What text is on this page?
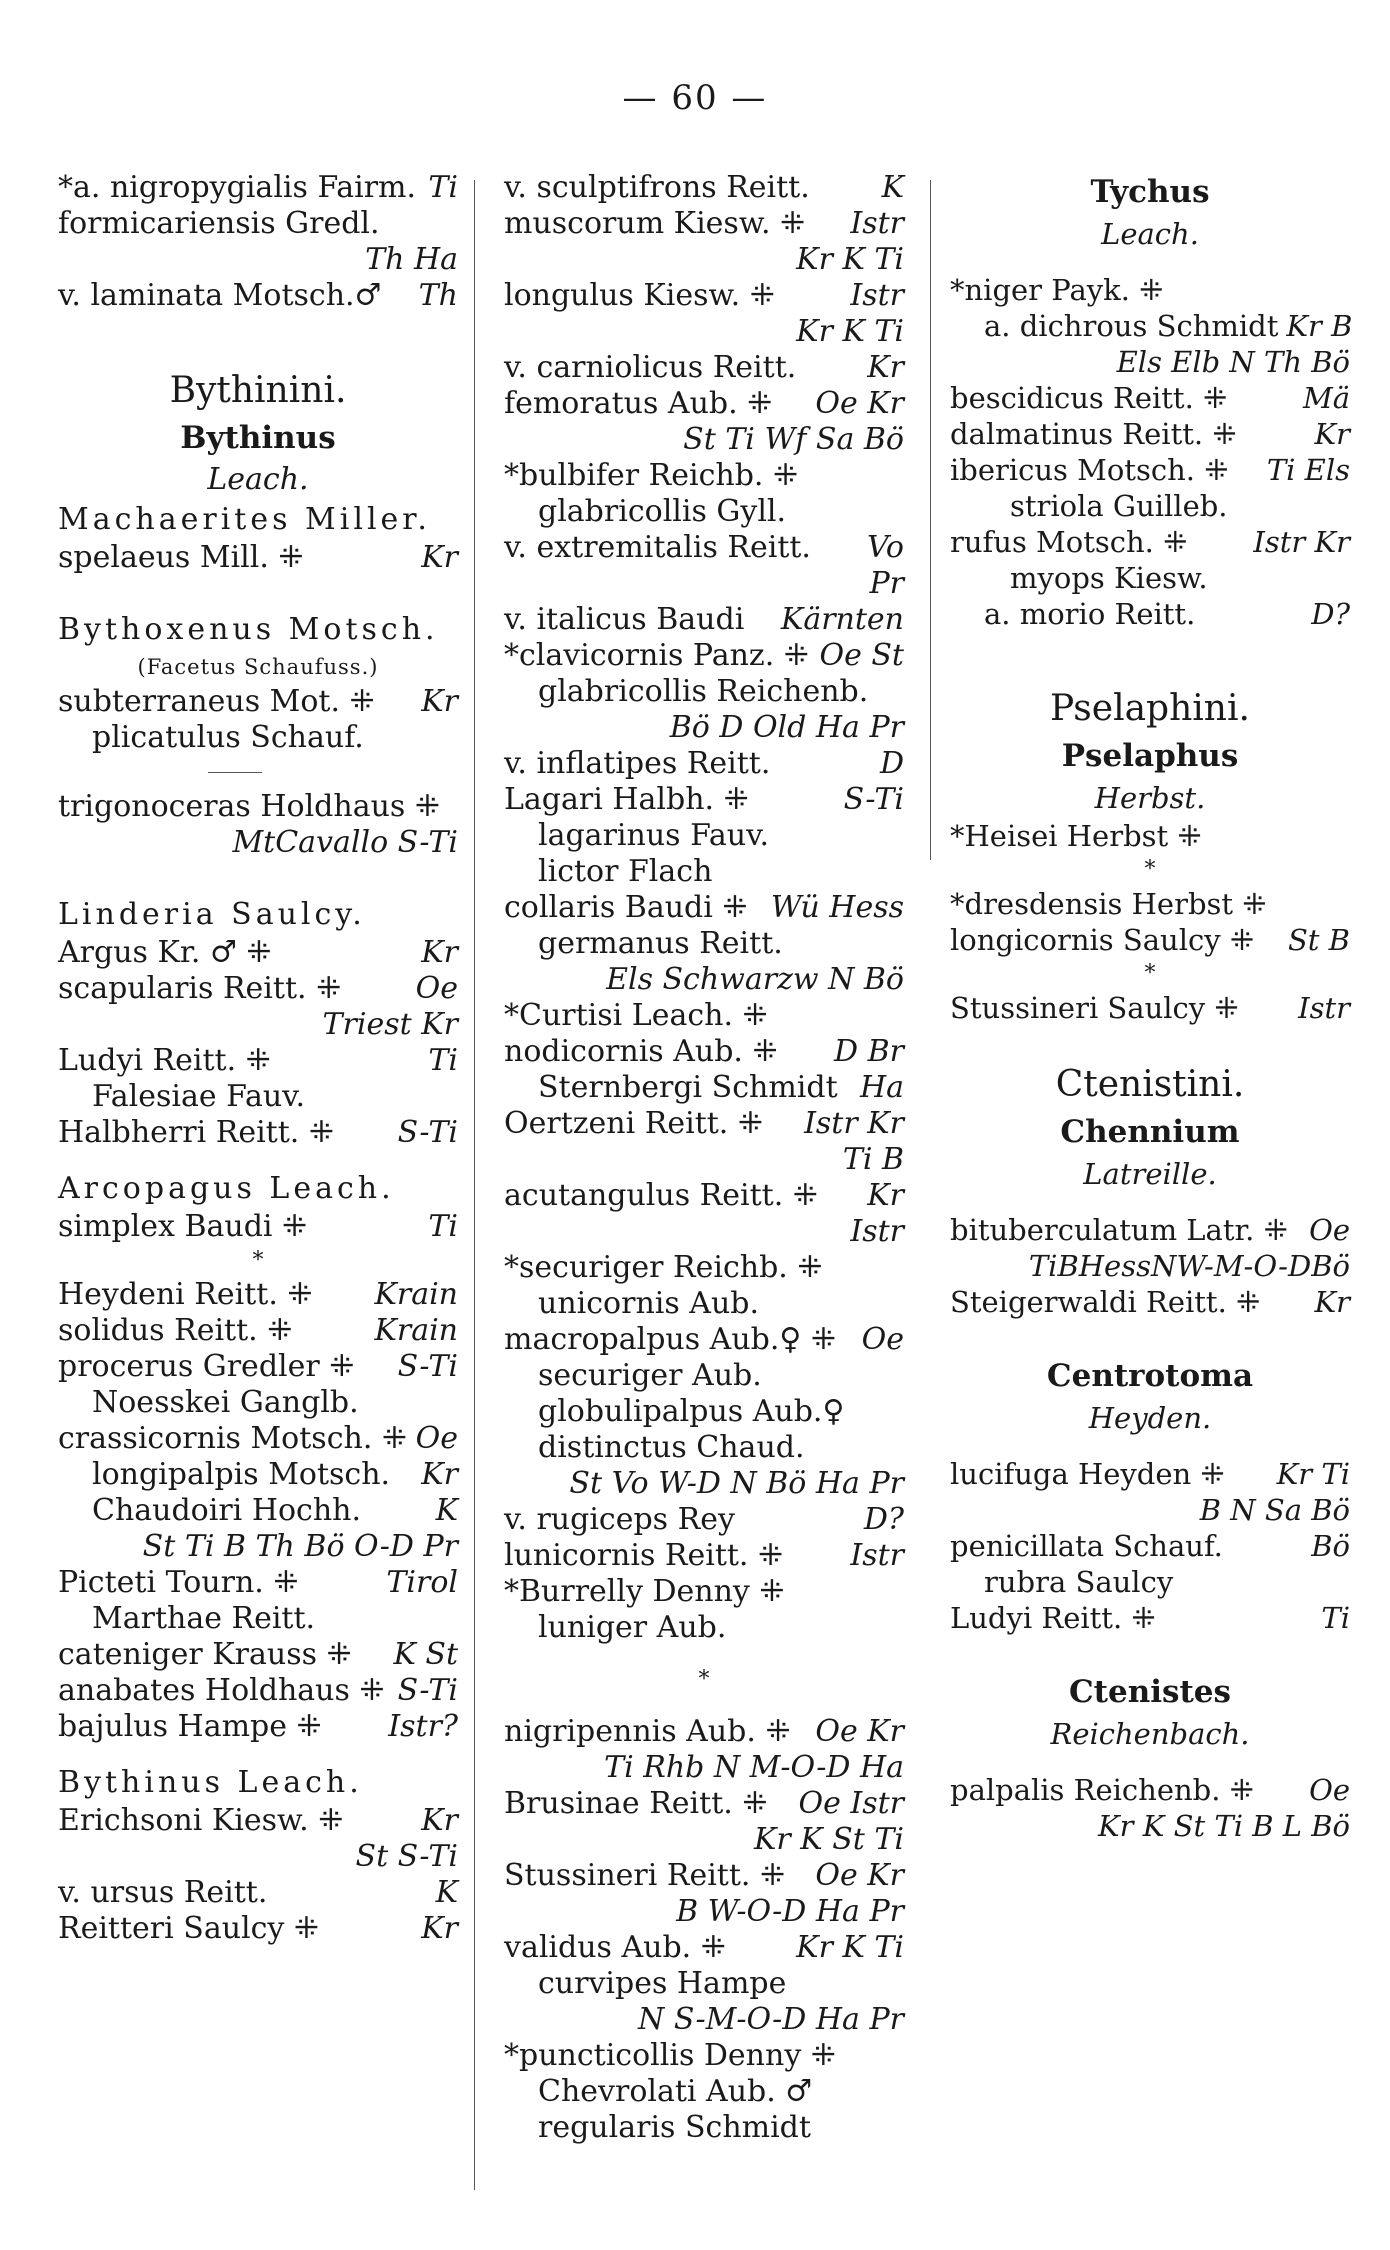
— 60 —
*a. nigropygialis Fairm. Ti
formicariensis Gredl.
Th Ha
v. laminata Motsch.♂ Th
Bythinini.
Bythinus
Leach.
Machaerites Miller.
spelaeus Mill. ⁜	Kr
Bythoxenus Motsch.
(Facetus Schaufuss.)
subterraneus Mot. ⁜ Kr
plicatulus Schauf.
trigonoceras Holdhaus ⁜
MtCavallo S-Ti
Linderia Saulcy.
Argus Kr. ♂ ⁜	Kr
scapularis Reitt. ⁜ Oe
Triest Kr
Ludyi Reitt. ⁜	Ti
Falesiae Fauv.
Halbherri Reitt. ⁜ S-Ti
Arcopagus Leach.
simplex Baudi ⁜	Ti
*
Heydeni Reitt. ⁜ Krain
solidus Reitt. ⁜	Krain
procerus Gredler ⁜ S-Ti
Noesskei Ganglb.
crassicornis Motsch. ⁜ Oe
longipalpis Motsch. Kr
Chaudoiri Hochh. K
St Ti B Th Bö O-D Pr
Picteti Tourn. ⁜	Tirol
Marthae Reitt.
cateniger Krauss ⁜ K St
anabates Holdhaus ⁜ S-Ti
bajulus Hampe ⁜ Istr?
Bythinus Leach.
Erichsoni Kiesw. ⁜	Kr
St S-Ti
v. ursus Reitt.	K
Reitteri Saulcy ⁜	Kr
v. sculptifrons Reitt. K
muscorum Kiesw. ⁜ Istr
Kr K Ti
longulus Kiesw. ⁜	Istr
Kr K Ti
v. carniolicus Reitt. Kr
femoratus Aub. ⁜ Oe Kr
St Ti Wf Sa Bö
*bulbifer Reichb. ⁜
glabricollis Gyll.
v. extremitalis Reitt. Vo
Pr
v. italicus Baudi Kärnten
*clavicornis Panz. ⁜ Oe St
glabricollis Reichenb.
Bö D Old Ha Pr
v. inflatipes Reitt.	D
Lagari Halbh. ⁜	S-Ti
lagarinus Fauv.
lictor Flach
collaris Baudi ⁜ Wü Hess
germanus Reitt.
Els Schwarzw N Bö
*Curtisi Leach. ⁜
nodicornis Aub. ⁜ D Br
Sternbergi Schmidt Ha
Oertzeni Reitt. ⁜ Istr Kr
Ti B
acutangulus Reitt. ⁜ Kr
Istr
*securiger Reichb. ⁜
unicornis Aub.
macropalpus Aub.♀ ⁜ Oe
securiger Aub.
globulipalpus Aub.♀
distinctus Chaud.
St Vo W-D N Bö Ha Pr
v. rugiceps Rey	D?
lunicornis Reitt. ⁜ Istr
*Burrelly Denny ⁜
luniger Aub.
*
nigripennis Aub. ⁜ Oe Kr
Ti Rhb N M-O-D Ha
Brusinae Reitt. ⁜ Oe Istr
Kr K St Ti
Stussineri Reitt. ⁜ Oe Kr
B W-O-D Ha Pr
validus Aub. ⁜ Kr K Ti
curvipes Hampe
N S-M-O-D Ha Pr
*puncticollis Denny ⁜
Chevrolati Aub. ♂
regularis Schmidt
Tychus
Leach.
*niger Payk. ⁜
a. dichrous Schmidt Kr B
Els Elb N Th Bö
bescidicus Reitt. ⁜	Mä
dalmatinus Reitt. ⁜	Kr
ibericus Motsch. ⁜ Ti Els
striola Guilleb.
rufus Motsch. ⁜ Istr Kr
myops Kiesw.
a. morio Reitt.	D?
Pselaphini.
Pselaphus
Herbst.
*Heisei Herbst ⁜
*
*dresdensis Herbst ⁜
longicornis Saulcy ⁜ St B
*
Stussineri Saulcy ⁜ Istr
Ctenistini.
Chennium
Latreille.
bituberculatum Latr. ⁜ Oe
TiBHessNW-M-O-DBö
Steigerwaldi Reitt. ⁜ Kr
Centrotoma
Heyden.
lucifuga Heyden ⁜ Kr Ti
B N Sa Bö
penicillata Schauf.	Bö
rubra Saulcy
Ludyi Reitt. ⁜	Ti
Ctenistes
Reichenbach.
palpalis Reichenb. ⁜ Oe
Kr K St Ti B L Bö
